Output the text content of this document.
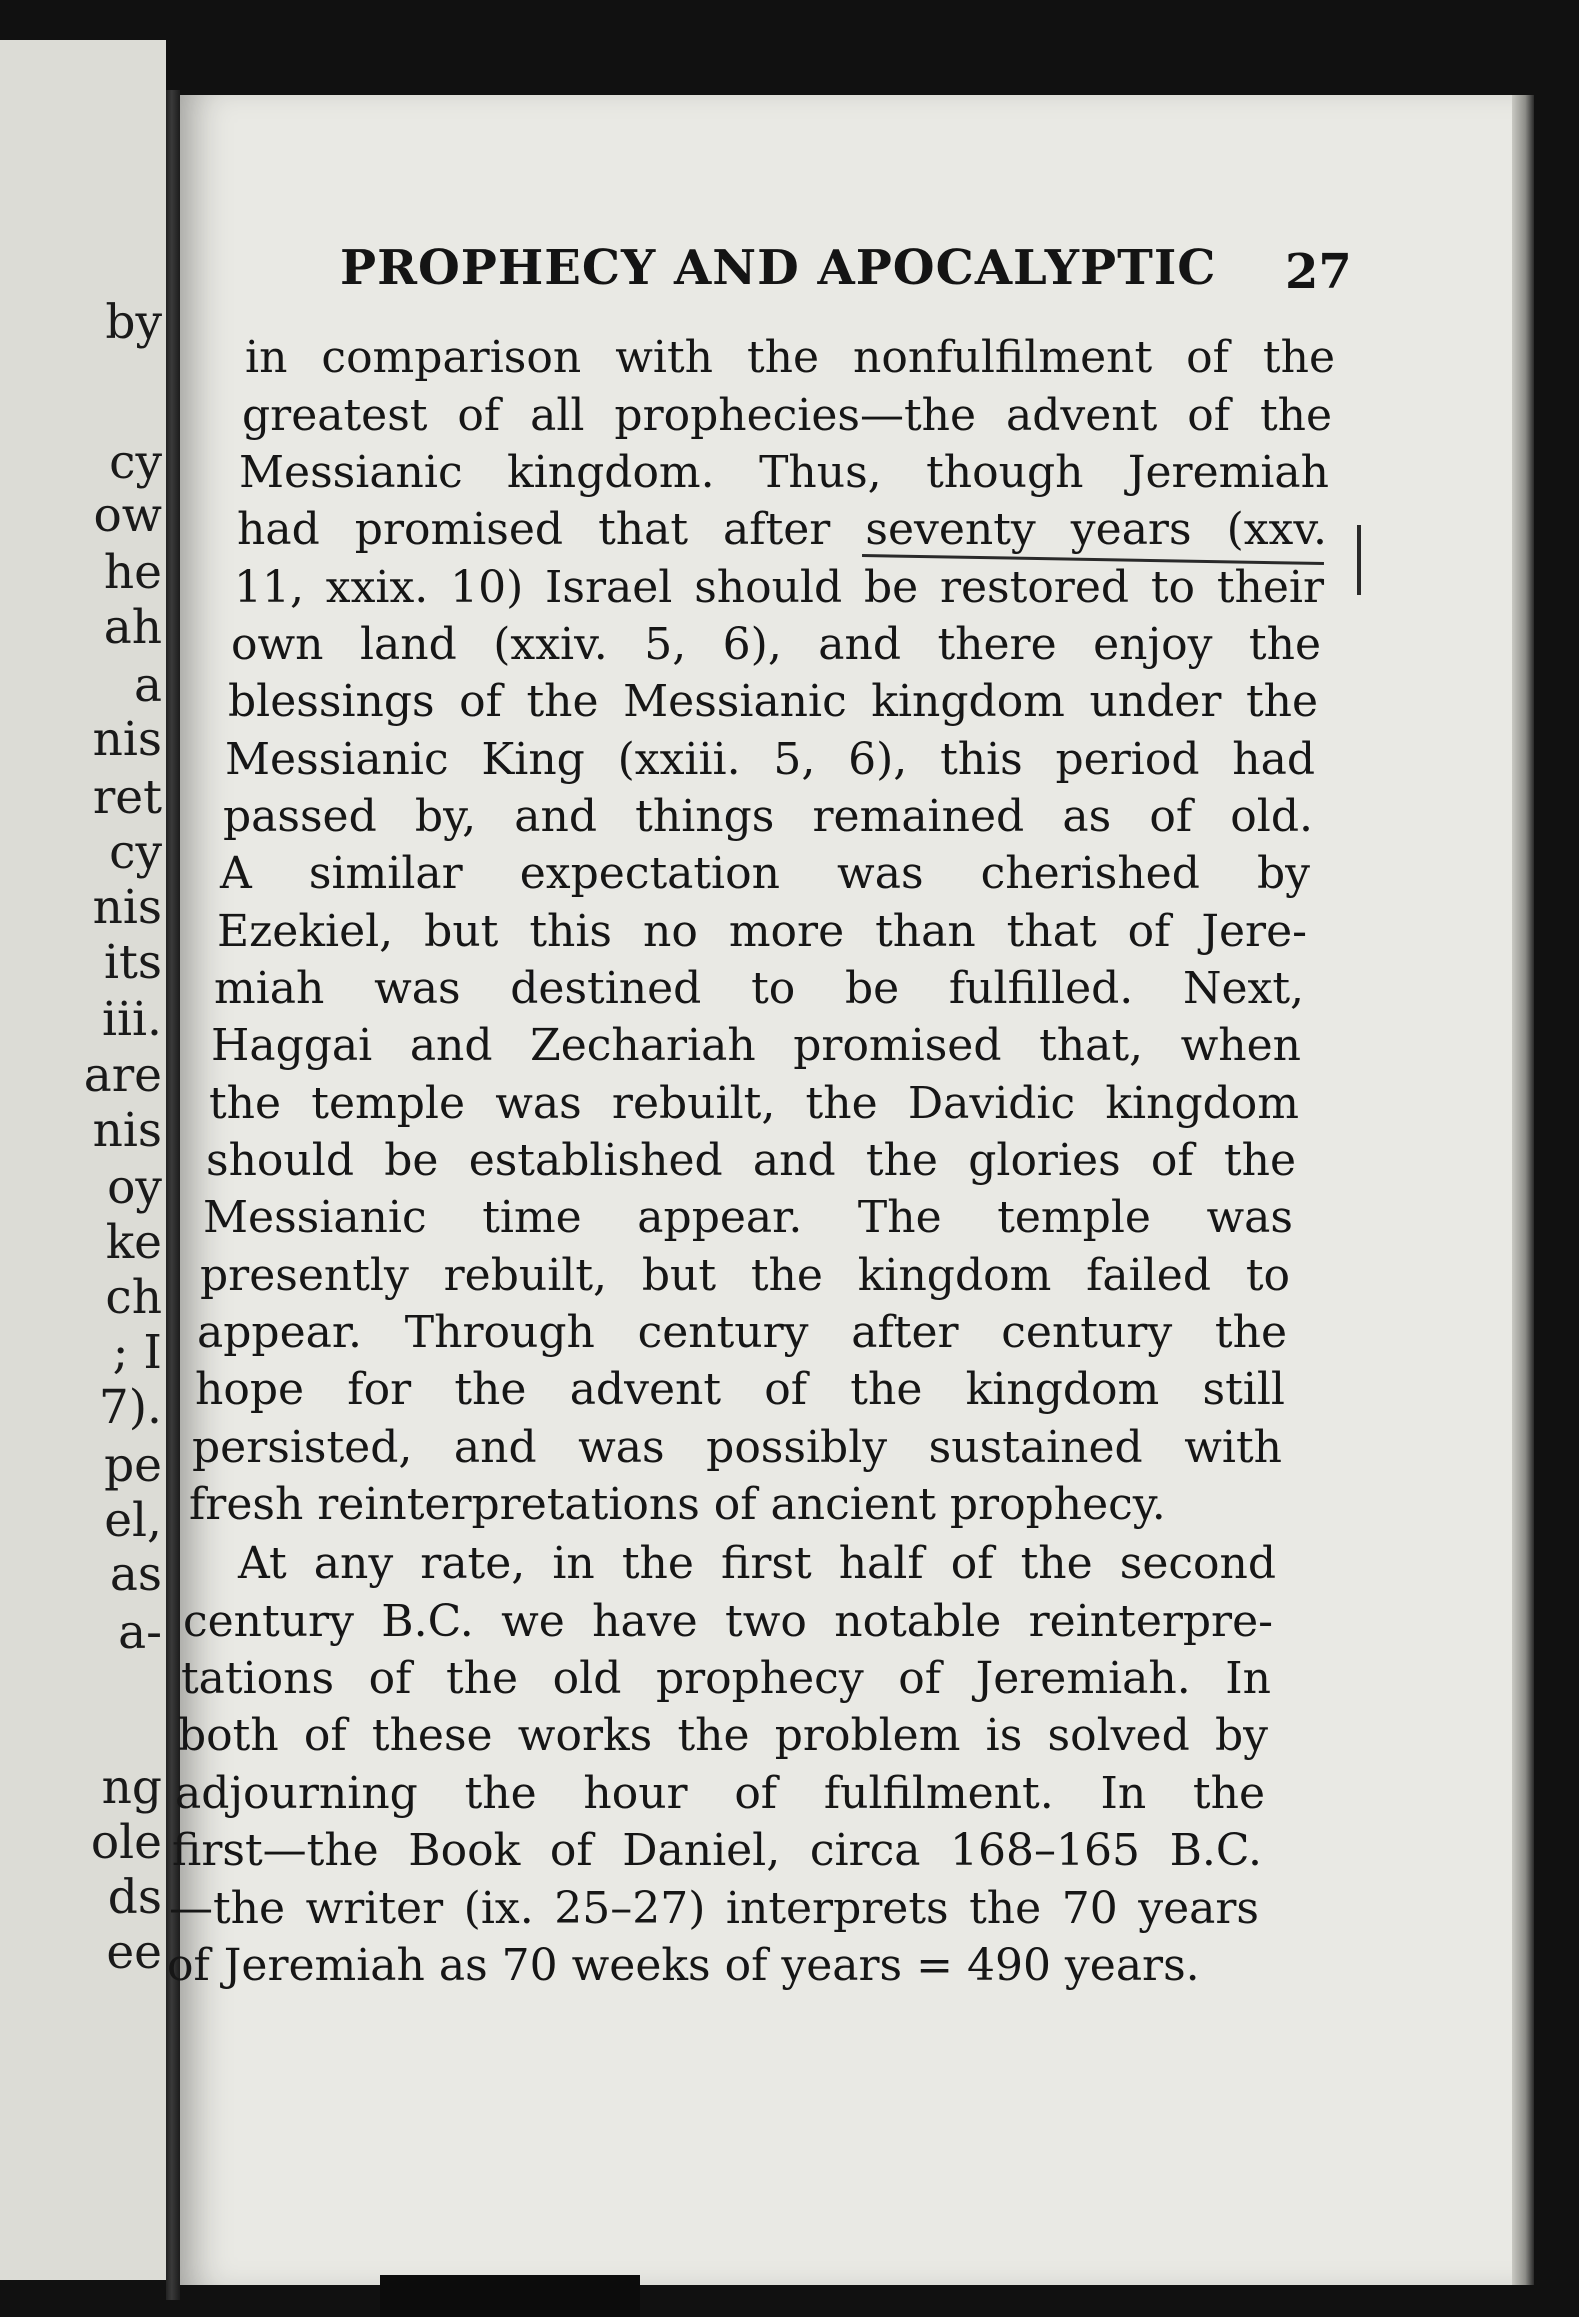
by
cy
ow
he
ah
a
nis
ret
cy
nis
its
iii.
are
nis
oy
ke
ch
; I
7).
pe
el,
as
a-
ng
ole
ds
ee
PROPHECY AND APOCALYPTIC	27
in comparison with the nonfulfilment of the
greatest of all prophecies—the advent of the
Messianic kingdom. Thus, though Jeremiah
had promised that after seventy years (xxv.
11, xxix. 10) Israel should be restored to their
own land (xxiv. 5, 6), and there enjoy the
blessings of the Messianic kingdom under the
Messianic King (xxiii. 5, 6), this period had
passed by, and things remained as of old.
A similar expectation was cherished by
Ezekiel, but this no more than that of Jere-
miah was destined to be fulfilled. Next,
Haggai and Zechariah promised that, when
the temple was rebuilt, the Davidic kingdom
should be established and the glories of the
Messianic time appear. The temple was
presently rebuilt, but the kingdom failed to
appear. Through century after century the
hope for the advent of the kingdom still
persisted, and was possibly sustained with
fresh reinterpretations of ancient prophecy.
At any rate, in the first half of the second
century B.C. we have two notable reinterpre-
tations of the old prophecy of Jeremiah. In
both of these works the problem is solved by
adjourning the hour of fulfilment. In the
first—the Book of Daniel, circa 168–165 B.C.
—the writer (ix. 25–27) interprets the 70 years
of Jeremiah as 70 weeks of years = 490 years.
